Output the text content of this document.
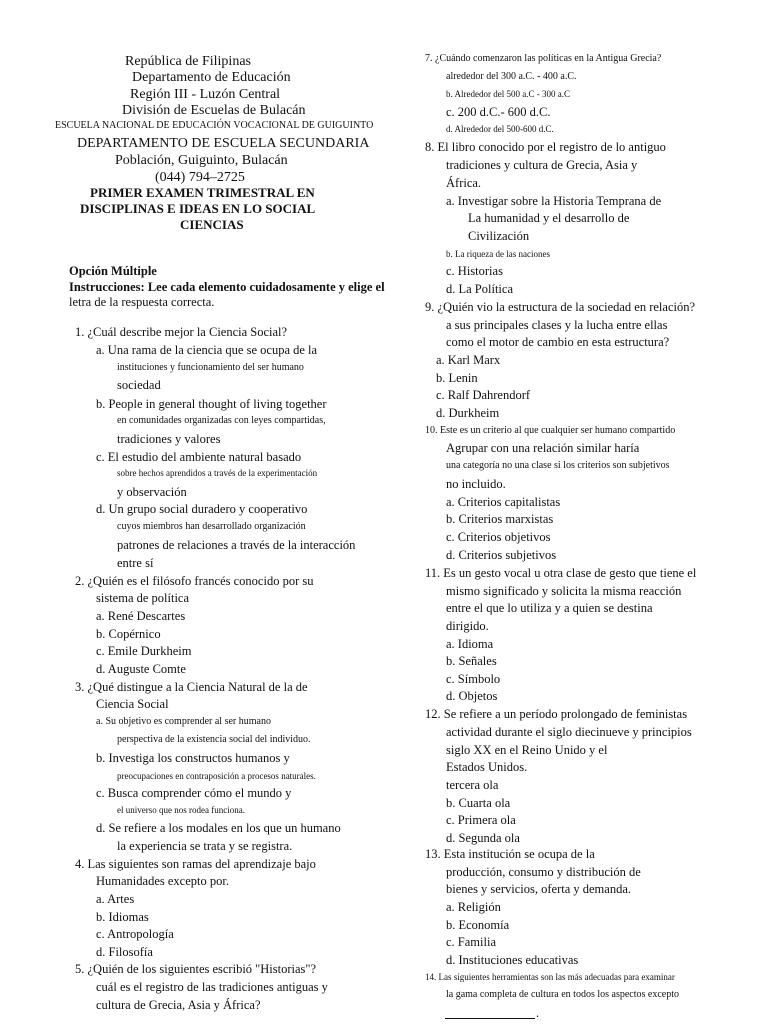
República de Filipinas
Departamento de Educación
Región III - Luzón Central
División de Escuelas de Bulacán
ESCUELA NACIONAL DE EDUCACIÓN VOCACIONAL DE GUIGUINTO
DEPARTAMENTO DE ESCUELA SECUNDARIA
Población, Guiguinto, Bulacán
(044) 794–2725
PRIMER EXAMEN TRIMESTRAL EN
DISCIPLINAS E IDEAS EN LO SOCIAL
CIENCIAS
Opción Múltiple
Instrucciones: Lee cada elemento cuidadosamente y elige el
letra de la respuesta correcta.
1. ¿Cuál describe mejor la Ciencia Social?
a. Una rama de la ciencia que se ocupa de la
instituciones y funcionamiento del ser humano
sociedad
b. People in general thought of living together
en comunidades organizadas con leyes compartidas,
tradiciones y valores
c. El estudio del ambiente natural basado
sobre hechos aprendidos a través de la experimentación
y observación
d. Un grupo social duradero y cooperativo
cuyos miembros han desarrollado organización
patrones de relaciones a través de la interacción
entre sí
2. ¿Quién es el filósofo francés conocido por su
sistema de política
a. René Descartes
b. Copérnico
c. Emile Durkheim
d. Auguste Comte
3. ¿Qué distingue a la Ciencia Natural de la de
Ciencia Social
a. Su objetivo es comprender al ser humano
perspectiva de la existencia social del individuo.
b. Investiga los constructos humanos y
preocupaciones en contraposición a procesos naturales.
c. Busca comprender cómo el mundo y
el universo que nos rodea funciona.
d. Se refiere a los modales en los que un humano
la experiencia se trata y se registra.
4. Las siguientes son ramas del aprendizaje bajo
Humanidades excepto por.
a. Artes
b. Idiomas
c. Antropología
d. Filosofía
5. ¿Quién de los siguientes escribió "Historias"?
cuál es el registro de las tradiciones antiguas y
cultura de Grecia, Asia y África?
7. ¿Cuándo comenzaron las políticas en la Antigua Grecia?
alrededor del 300 a.C. - 400 a.C.
b. Alrededor del 500 a.C - 300 a.C
c. 200 d.C.- 600 d.C.
d. Alrededor del 500-600 d.C.
8. El libro conocido por el registro de lo antiguo
tradiciones y cultura de Grecia, Asia y
África.
a. Investigar sobre la Historia Temprana de
La humanidad y el desarrollo de
Civilización
b. La riqueza de las naciones
c. Historias
d. La Política
9. ¿Quién vio la estructura de la sociedad en relación?
a sus principales clases y la lucha entre ellas
como el motor de cambio en esta estructura?
a. Karl Marx
b. Lenin
c. Ralf Dahrendorf
d. Durkheim
10. Este es un criterio al que cualquier ser humano compartido
Agrupar con una relación similar haría
una categoría no una clase si los criterios son subjetivos
no incluido.
a. Criterios capitalistas
b. Criterios marxistas
c. Criterios objetivos
d. Criterios subjetivos
11. Es un gesto vocal u otra clase de gesto que tiene el
mismo significado y solicita la misma reacción
entre el que lo utiliza y a quien se destina
dirigido.
a. Idioma
b. Señales
c. Símbolo
d. Objetos
12. Se refiere a un período prolongado de feministas
actividad durante el siglo diecinueve y principios
siglo XX en el Reino Unido y el
Estados Unidos.
tercera ola
b. Cuarta ola
c. Primera ola
d. Segunda ola
13. Esta institución se ocupa de la
producción, consumo y distribución de
bienes y servicios, oferta y demanda.
a. Religión
b. Economía
c. Familia
d. Instituciones educativas
14. Las siguientes herramientas son las más adecuadas para examinar
la gama completa de cultura en todos los aspectos excepto
.
